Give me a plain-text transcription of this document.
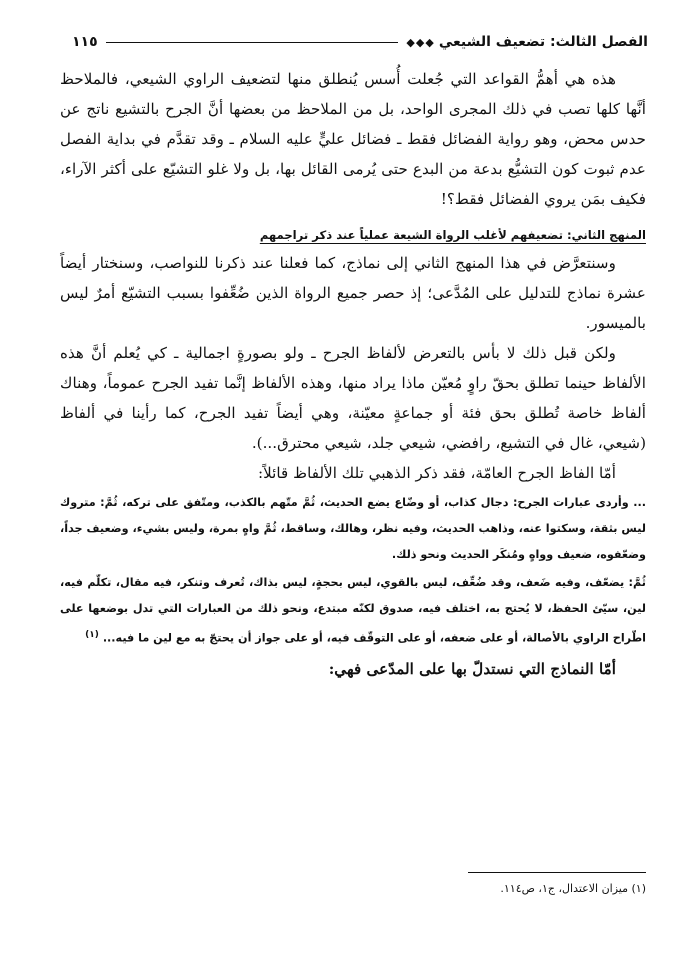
الفصل الثالث: تضعيف الشيعي
◆◆◆
١١٥

هذه هي أهمُّ القواعد التي جُعلت أُسس يُنطلق منها لتضعيف الراوي الشيعي، فالملاحظ أنَّها كلها تصب في ذلك المجرى الواحد، بل من الملاحظ من بعضها أنَّ الجرح بالتشيع ناتج عن حدس محض، وهو رواية الفضائل فقط ـ فضائل عليٍّ عليه السلام ـ وقد تقدَّم في بداية الفصل عدم ثبوت كون التشيُّع بدعة من البدع حتى يُرمى القائل بها، بل ولا غلو التشيّع على أكثر الآراء، فكيف بمَن يروي الفضائل فقط؟!

المنهج الثاني: تضعيفهم لأغلب الرواة الشيعة عملياً عند ذكر تراجمهم

وسنتعرَّض في هذا المنهج الثاني إلى نماذج، كما فعلنا عند ذكرنا للنواصب، وسنختار أيضاً عشرة نماذج للتدليل على المُدَّعى؛ إذ حصر جميع الرواة الذين ضُعِّفوا بسبب التشيّع أمرٌ ليس بالميسور.

ولكن قبل ذلك لا بأس بالتعرض لألفاظ الجرح ـ ولو بصورةٍ اجمالية ـ كي يُعلم أنَّ هذه الألفاظ حينما تطلق بحقّ راوٍ مُعيّن ماذا يراد منها، وهذه الألفاظ إنَّما تفيد الجرح عموماً، وهناك ألفاظ خاصة تُطلق بحق فئة أو جماعةٍ معيّنة، وهي أيضاً تفيد الجرح، كما رأينا في ألفاظ (شيعي، غال في التشيع، رافضي، شيعي جلد، شيعي محترق...).

أمّا الفاظ الجرح العامّة، فقد ذكر الذهبي تلك الألفاظ قائلاً:

... وأردى عبارات الجرح: دجال كذاب، أو وضّاع يضع الحديث، ثُمَّ متّهم بالكذب، ومتّفق على تركه، ثُمَّ: متروك ليس بثقة، وسكتوا عنه، وذاهب الحديث، وفيه نظر، وهالك، وساقط، ثُمَّ واهٍ بمرة، وليس بشيء، وضعيف جداً، وضعّفوه، ضعيف وواهٍ ومُنكَر الحديث ونحو ذلك.

ثُمَّ: يضعّف، وفيه ضَعف، وقد ضُعِّف، ليس بالقوي، ليس بحجةٍ، ليس بذاك، تُعرف وتنكر، فيه مقال، تكلّم فيه، لين، سيّئ الحفظ، لا يُحتج به، اختلف فيه، صدوق لكنّه مبتدع، ونحو ذلك من العبارات التي تدل بوضعها على اطّراح الراوي بالأصالة، أو على ضعفه، أو على التوقّف فيه، أو على جواز أن يحتجّ به مع لين ما فيه... $^{(١)}$

أمّا النماذج التي نستدلّ بها على المدّعى فهي:

(١) ميزان الاعتدال، ج١، ص١١٤.
